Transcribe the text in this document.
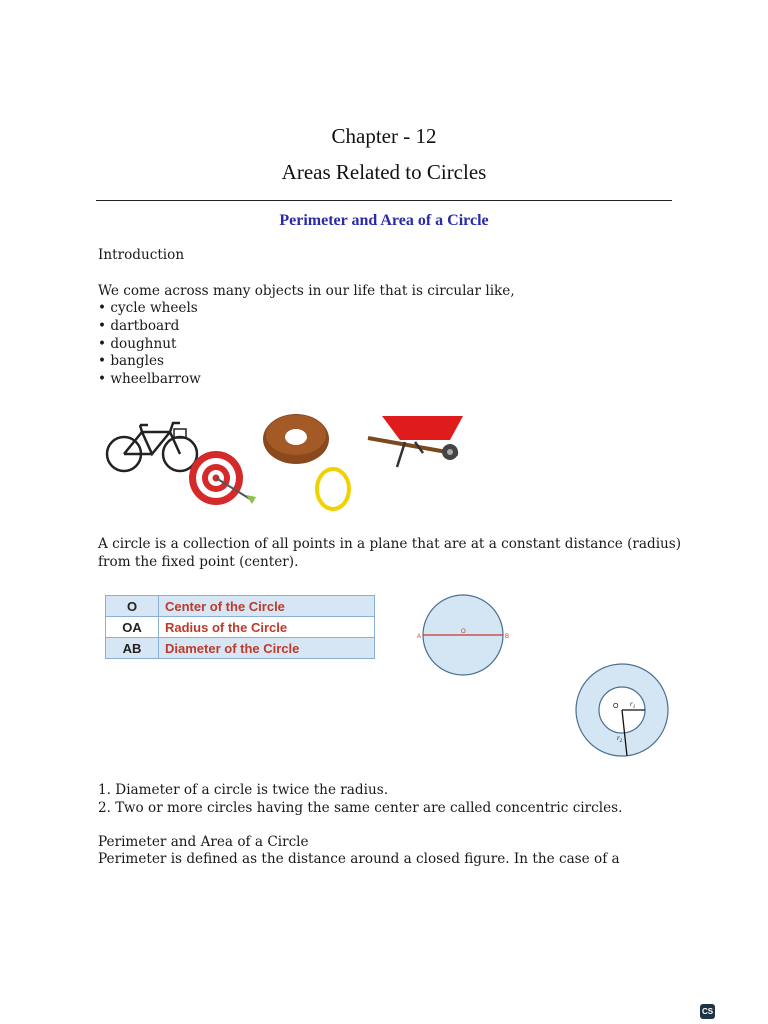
Chapter - 12
Areas Related to Circles
Perimeter and Area of a Circle
Introduction
We come across many objects in our life that is circular like,
• cycle wheels
• dartboard
• doughnut
• bangles
• wheelbarrow
A circle is a collection of all points in a plane that are at a constant distance (radius) from the fixed point (center).
O	Center of the Circle
OA	Radius of the Circle
AB	Diameter of the Circle
A
O
B
O $r_1$
$r_2$
1. Diameter of a circle is twice the radius.
2. Two or more circles having the same center are called concentric circles.
Perimeter and Area of a Circle
Perimeter is defined as the distance around a closed figure. In the case of a
CS
